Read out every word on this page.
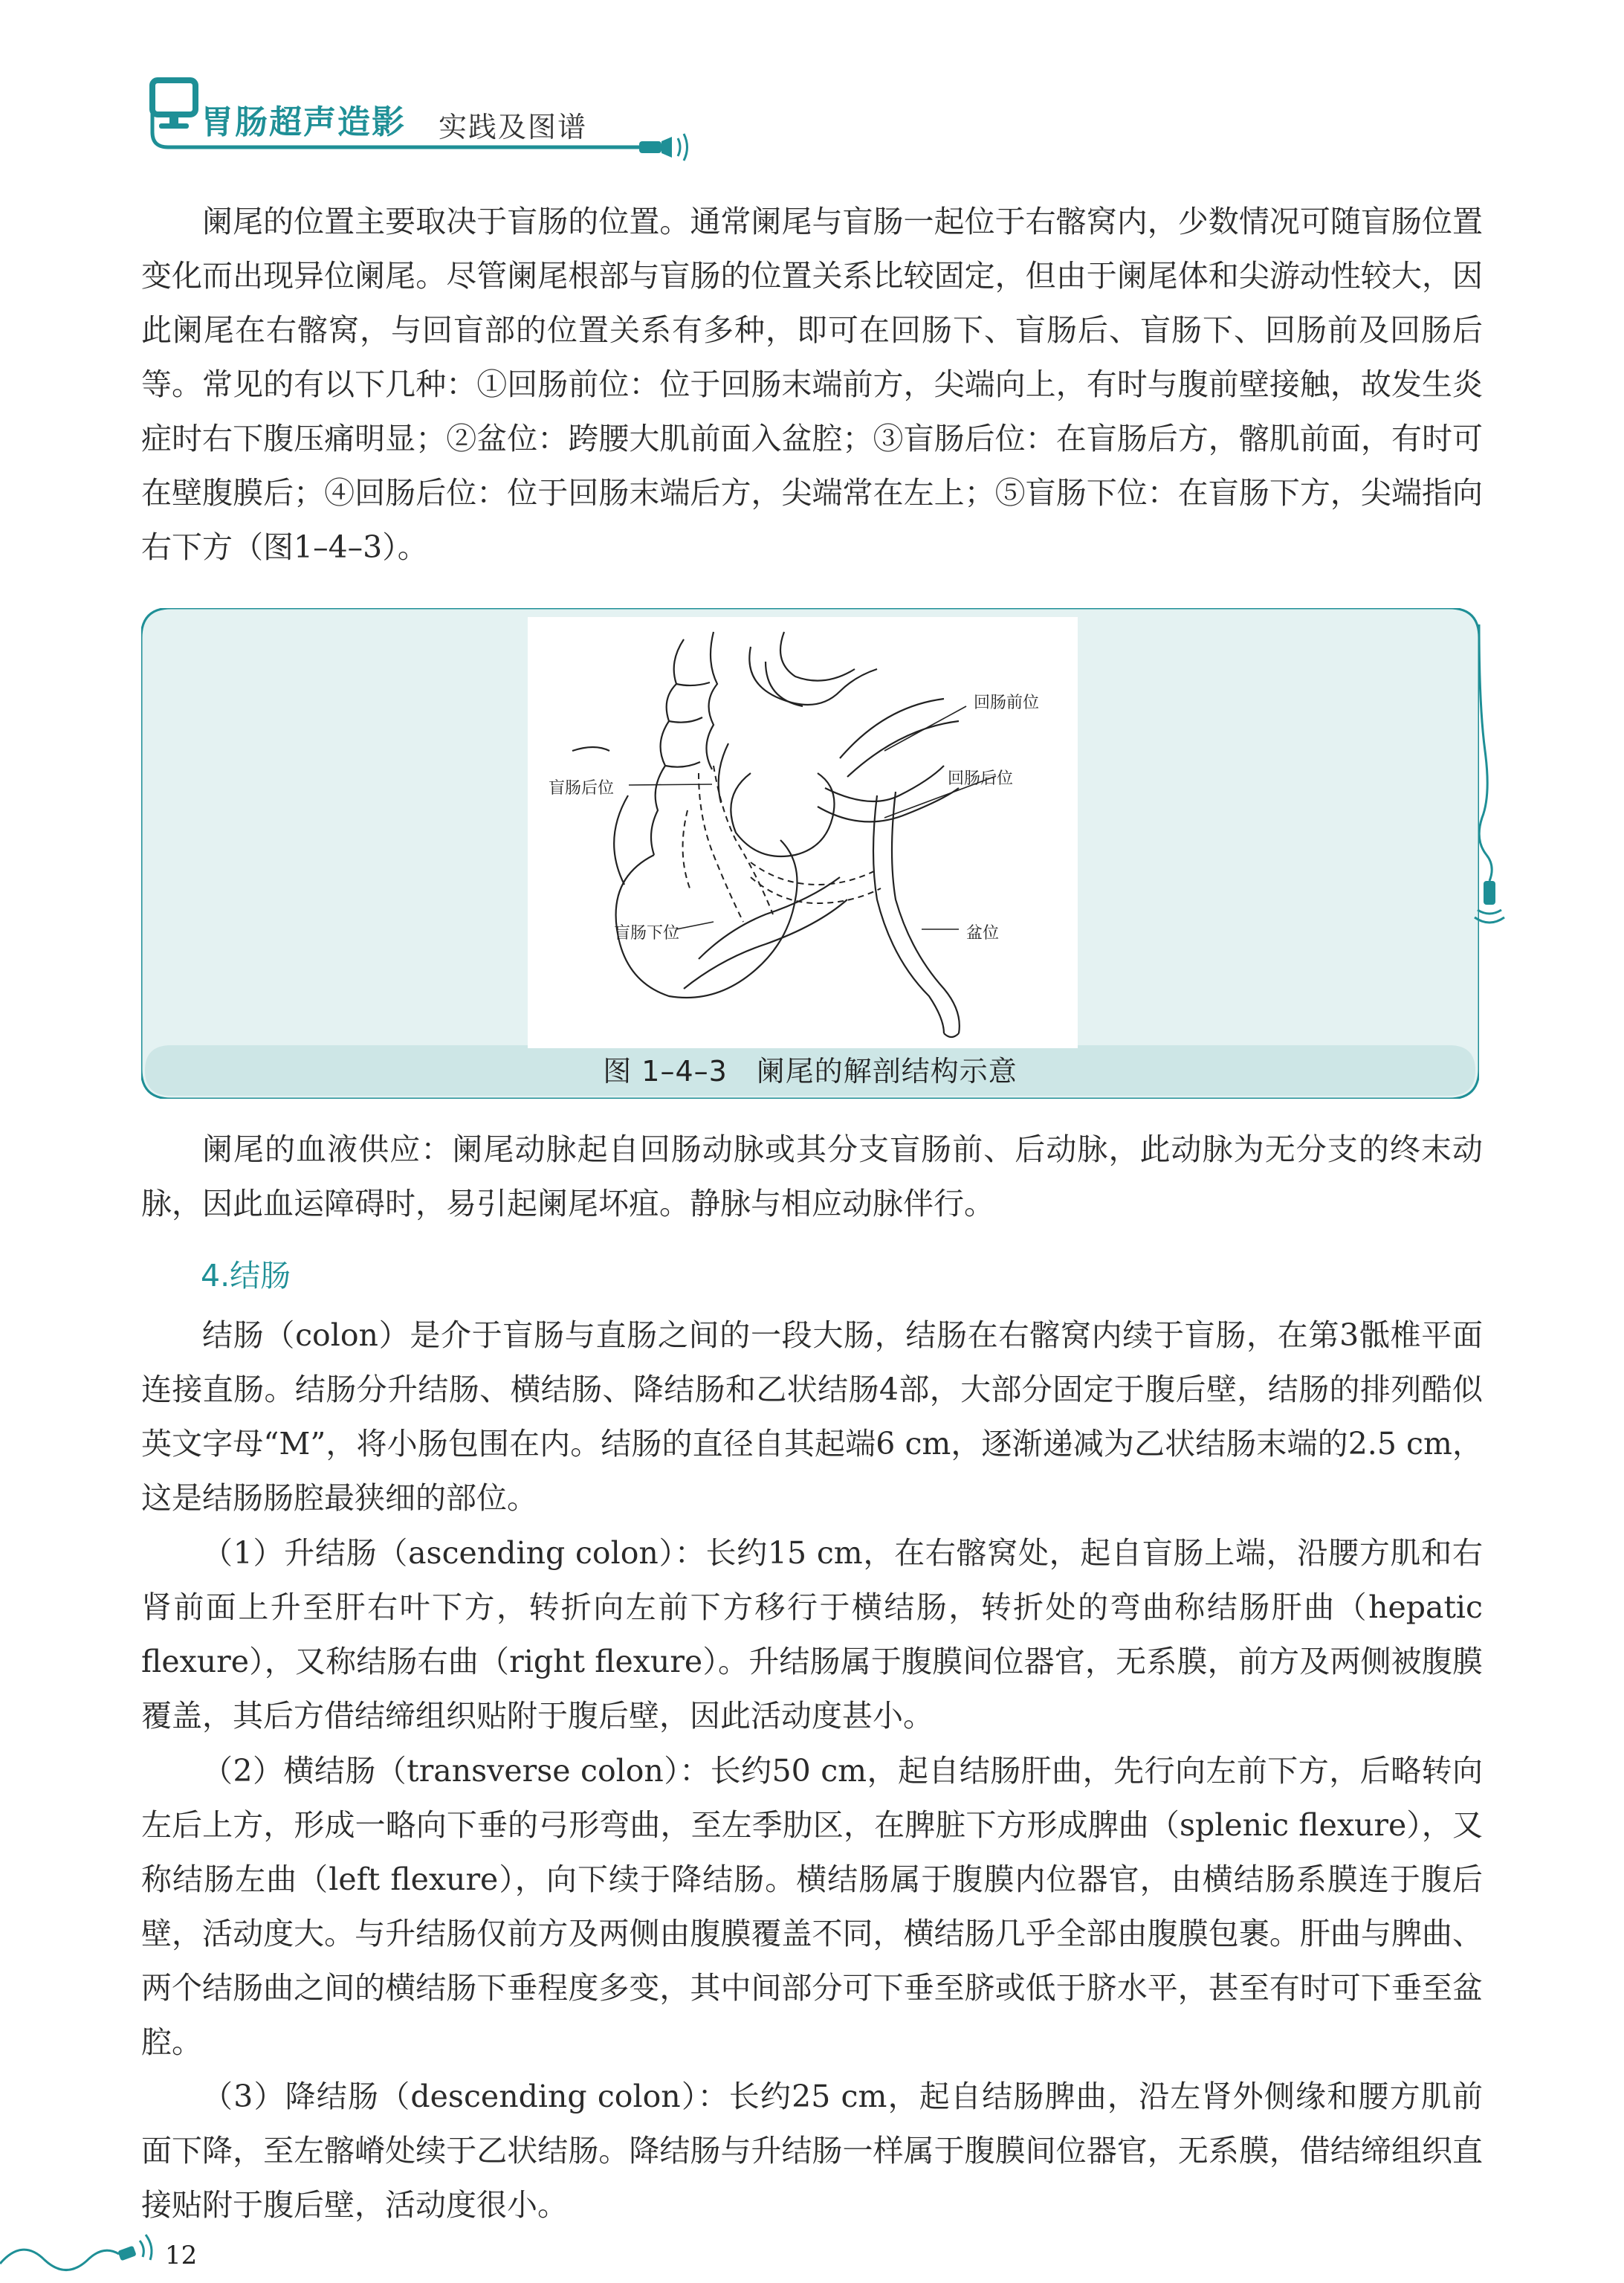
胃肠超声造影 实践及图谱
阑尾的位置主要取决于盲肠的位置。通常阑尾与盲肠一起位于右髂窝内，少数情况可随盲肠位置变化而出现异位阑尾。尽管阑尾根部与盲肠的位置关系比较固定，但由于阑尾体和尖游动性较大，因此阑尾在右髂窝，与回盲部的位置关系有多种，即可在回肠下、盲肠后、盲肠下、回肠前及回肠后等。常见的有以下几种：①回肠前位：位于回肠末端前方，尖端向上，有时与腹前壁接触，故发生炎症时右下腹压痛明显；②盆位：跨腰大肌前面入盆腔；③盲肠后位：在盲肠后方，髂肌前面，有时可在壁腹膜后；④回肠后位：位于回肠末端后方，尖端常在左上；⑤盲肠下位：在盲肠下方，尖端指向右下方（图1–4–3）。
回肠前位
盲肠后位
回肠后位
盲肠下位	盆位
图 1–4–3　阑尾的解剖结构示意
阑尾的血液供应：阑尾动脉起自回肠动脉或其分支盲肠前、后动脉，此动脉为无分支的终末动脉，因此血运障碍时，易引起阑尾坏疽。静脉与相应动脉伴行。
4.结肠
结肠（colon）是介于盲肠与直肠之间的一段大肠，结肠在右髂窝内续于盲肠，在第3骶椎平面连接直肠。结肠分升结肠、横结肠、降结肠和乙状结肠4部，大部分固定于腹后壁，结肠的排列酷似英文字母“M”，将小肠包围在内。结肠的直径自其起端6 cm，逐渐递减为乙状结肠末端的2.5 cm，这是结肠肠腔最狭细的部位。
（1）升结肠（ascending colon）：长约15 cm，在右髂窝处，起自盲肠上端，沿腰方肌和右肾前面上升至肝右叶下方，转折向左前下方移行于横结肠，转折处的弯曲称结肠肝曲（hepatic flexure），又称结肠右曲（right flexure）。升结肠属于腹膜间位器官，无系膜，前方及两侧被腹膜覆盖，其后方借结缔组织贴附于腹后壁，因此活动度甚小。
（2）横结肠（transverse colon）：长约50 cm，起自结肠肝曲，先行向左前下方，后略转向左后上方，形成一略向下垂的弓形弯曲，至左季肋区，在脾脏下方形成脾曲（splenic flexure），又称结肠左曲（left flexure），向下续于降结肠。横结肠属于腹膜内位器官，由横结肠系膜连于腹后壁，活动度大。与升结肠仅前方及两侧由腹膜覆盖不同，横结肠几乎全部由腹膜包裹。肝曲与脾曲、两个结肠曲之间的横结肠下垂程度多变，其中间部分可下垂至脐或低于脐水平，甚至有时可下垂至盆腔。
（3）降结肠（descending colon）：长约25 cm，起自结肠脾曲，沿左肾外侧缘和腰方肌前面下降，至左髂嵴处续于乙状结肠。降结肠与升结肠一样属于腹膜间位器官，无系膜，借结缔组织直接贴附于腹后壁，活动度很小。
12
